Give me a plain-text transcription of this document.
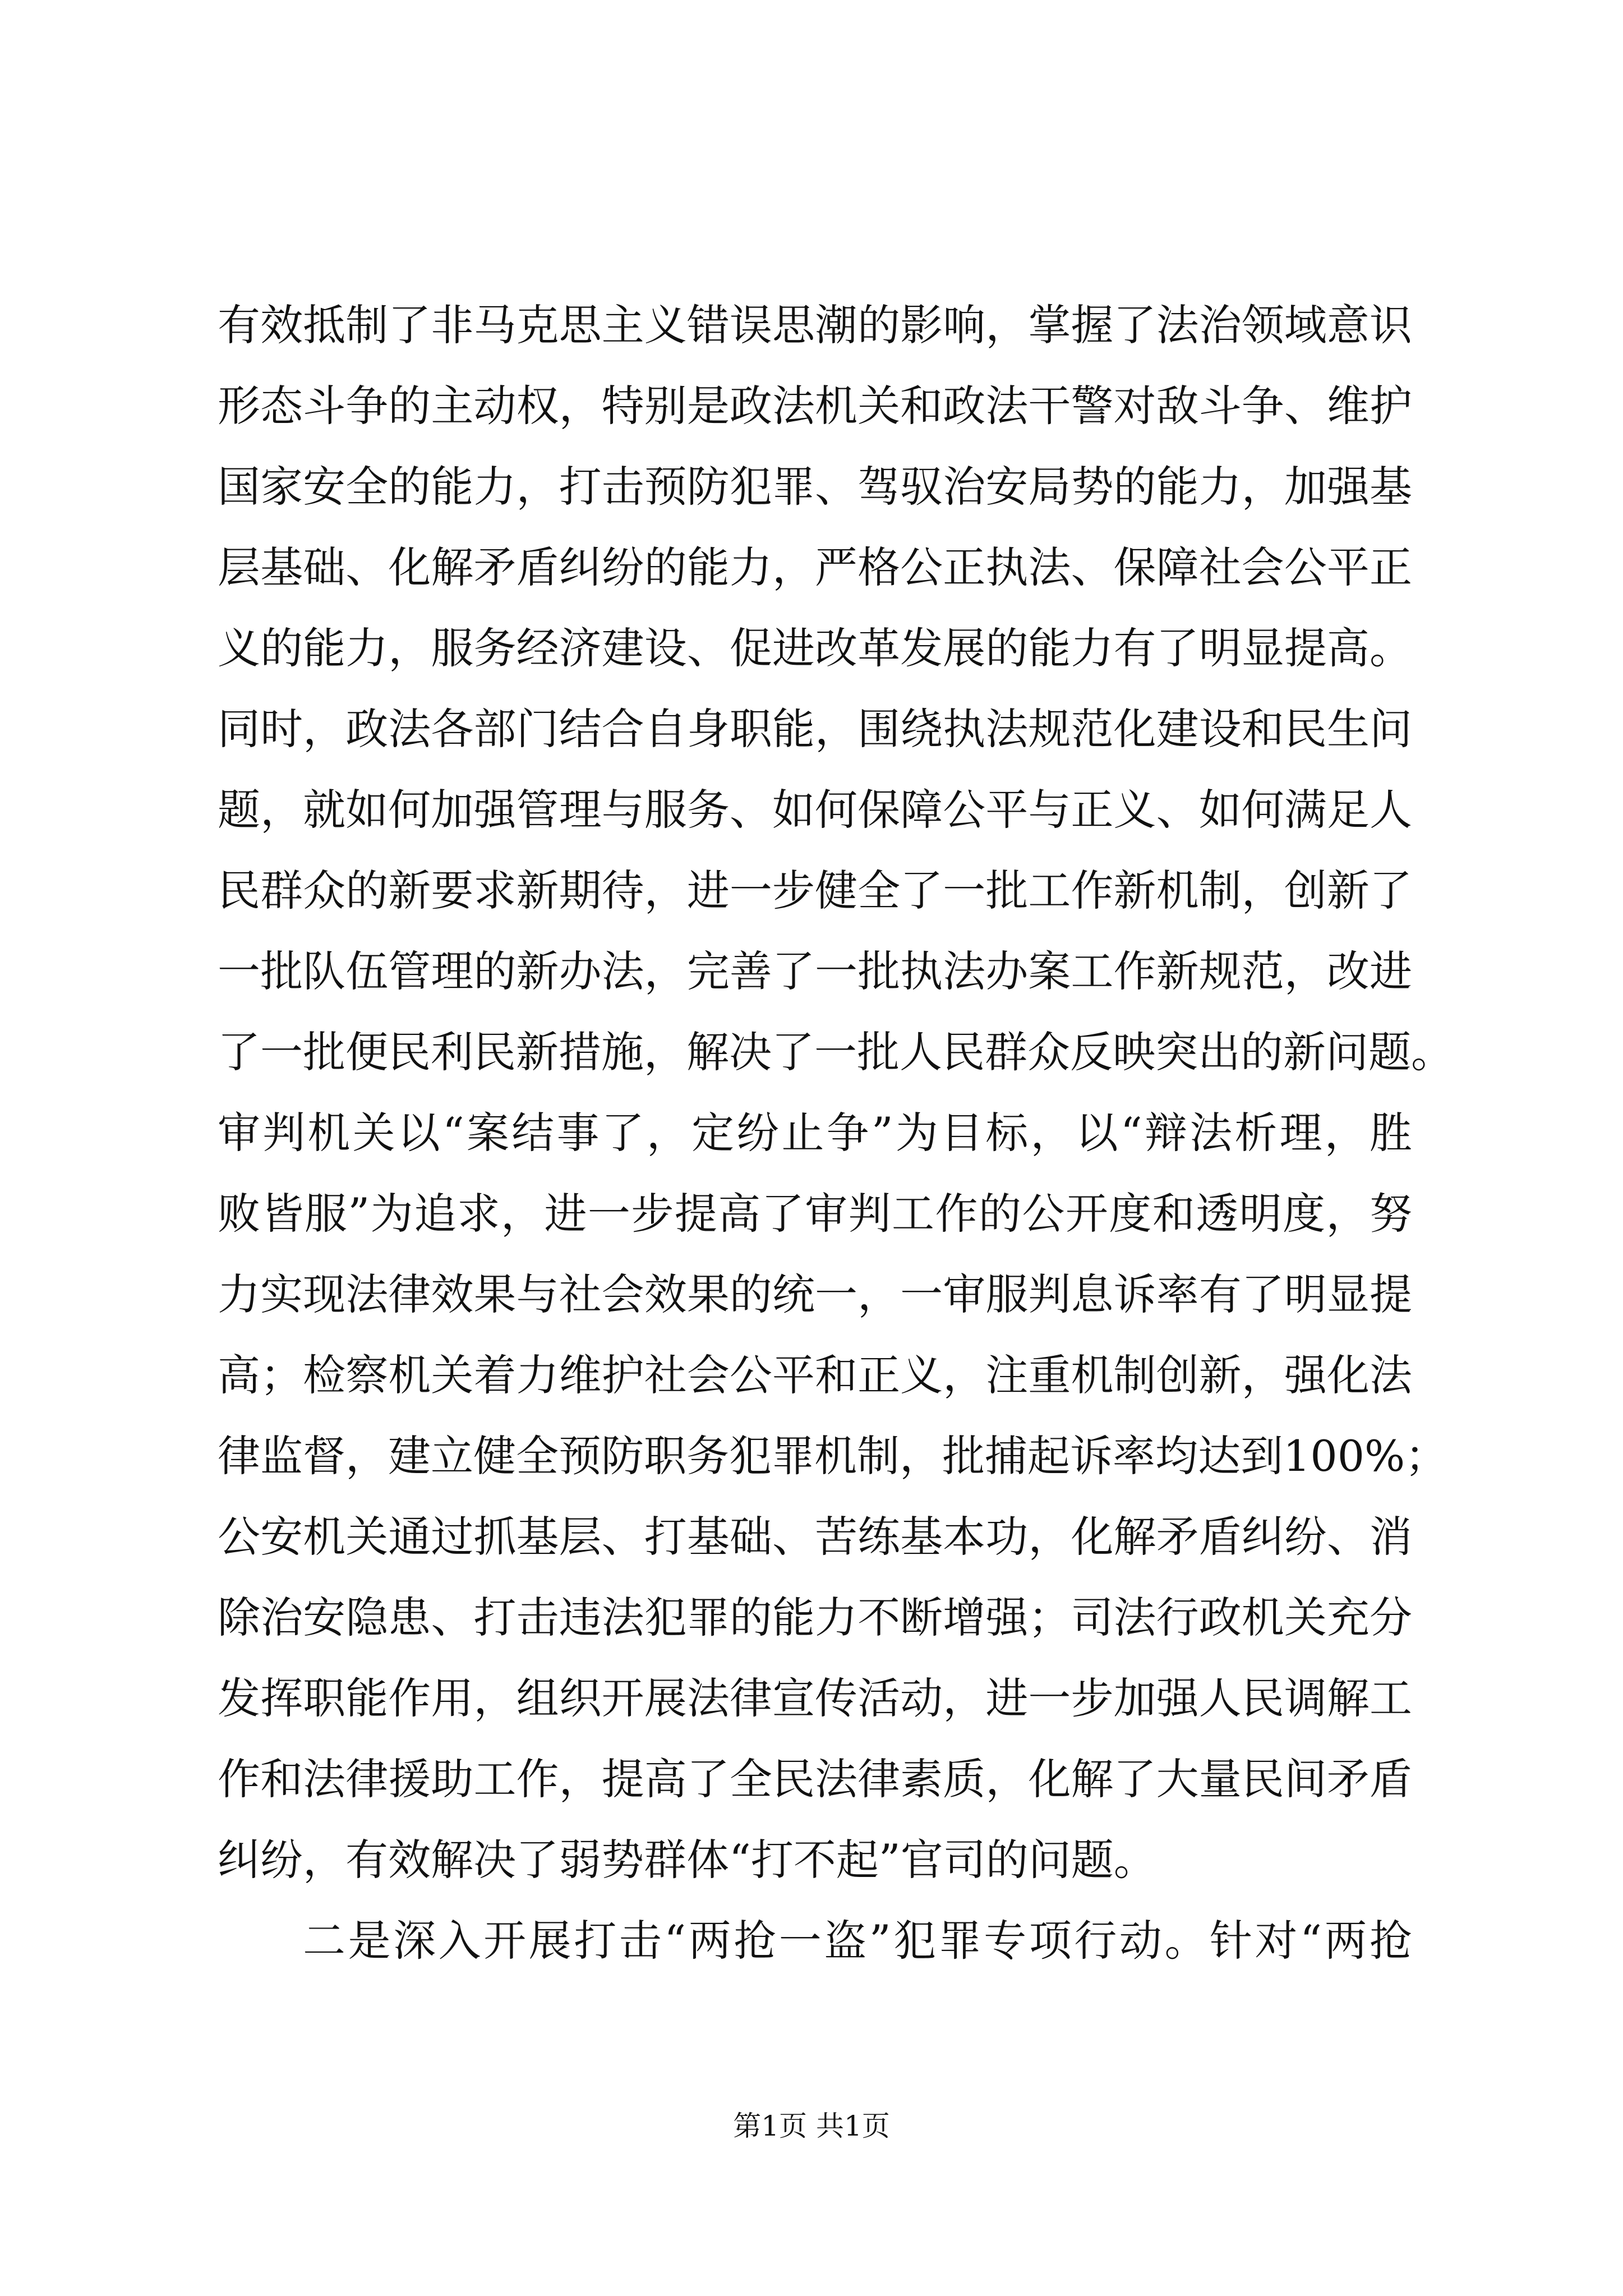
有效抵制了非马克思主义错误思潮的影响，掌握了法治领域意识
形态斗争的主动权，特别是政法机关和政法干警对敌斗争、维护
国家安全的能力，打击预防犯罪、驾驭治安局势的能力，加强基
层基础、化解矛盾纠纷的能力，严格公正执法、保障社会公平正
义的能力，服务经济建设、促进改革发展的能力有了明显提高。
同时，政法各部门结合自身职能，围绕执法规范化建设和民生问
题，就如何加强管理与服务、如何保障公平与正义、如何满足人
民群众的新要求新期待，进一步健全了一批工作新机制，创新了
一批队伍管理的新办法，完善了一批执法办案工作新规范，改进
了一批便民利民新措施，解决了一批人民群众反映突出的新问题。
审判机关以“案结事了，定纷止争”为目标，以“辩法析理，胜
败皆服”为追求，进一步提高了审判工作的公开度和透明度，努
力实现法律效果与社会效果的统一，一审服判息诉率有了明显提
高；检察机关着力维护社会公平和正义，注重机制创新，强化法
律监督，建立健全预防职务犯罪机制，批捕起诉率均达到100%；
公安机关通过抓基层、打基础、苦练基本功，化解矛盾纠纷、消
除治安隐患、打击违法犯罪的能力不断增强；司法行政机关充分
发挥职能作用，组织开展法律宣传活动，进一步加强人民调解工
作和法律援助工作，提高了全民法律素质，化解了大量民间矛盾
纠纷，有效解决了弱势群体“打不起”官司的问题。
二是深入开展打击“两抢一盗”犯罪专项行动。针对“两抢
第1页 共1页
